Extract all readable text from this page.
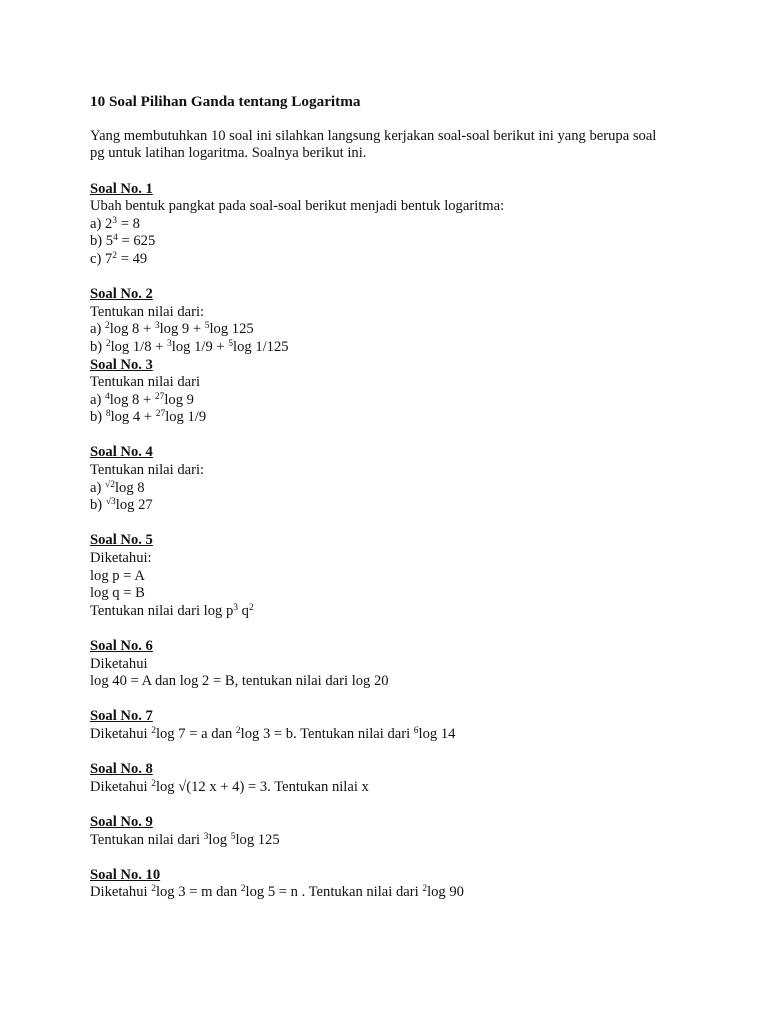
10 Soal Pilihan Ganda tentang Logaritma
Yang membutuhkan 10 soal ini silahkan langsung kerjakan soal-soal berikut ini yang berupa soal
pg untuk latihan logaritma. Soalnya berikut ini.
Soal No. 1
Ubah bentuk pangkat pada soal-soal berikut menjadi bentuk logaritma:
a) $2^3 = 8$
b) $5^4 = 625$
c) $7^2 = 49$
Soal No. 2
Tentukan nilai dari:
a) $^2$log 8 + $^3$log 9 + $^5$log 125
b) $^2$log 1/8 + $^3$log 1/9 + $^5$log 1/125
Soal No. 3
Tentukan nilai dari
a) $^4$log 8 + $^{27}$log 9
b) $^8$log 4 + $^{27}$log 1/9
Soal No. 4
Tentukan nilai dari:
a) $^{√2}$log 8
b) $^{√3}$log 27
Soal No. 5
Diketahui:
log p = A
log q = B
Tentukan nilai dari $\log p^3$ $q^2$
Soal No. 6
Diketahui
log 40 = A dan log 2 = B, tentukan nilai dari log 20
Soal No. 7
Diketahui $^2$log 7 = a dan $^2$log 3 = b. Tentukan nilai dari $^6$log 14
Soal No. 8
Diketahui $^2$log √(12 x + 4) = 3. Tentukan nilai x
Soal No. 9
Tentukan nilai dari $^3$log $^5$log 125
Soal No. 10
Diketahui $^2$log 3 = m dan $^2$log 5 = n . Tentukan nilai dari $^2$log 90
